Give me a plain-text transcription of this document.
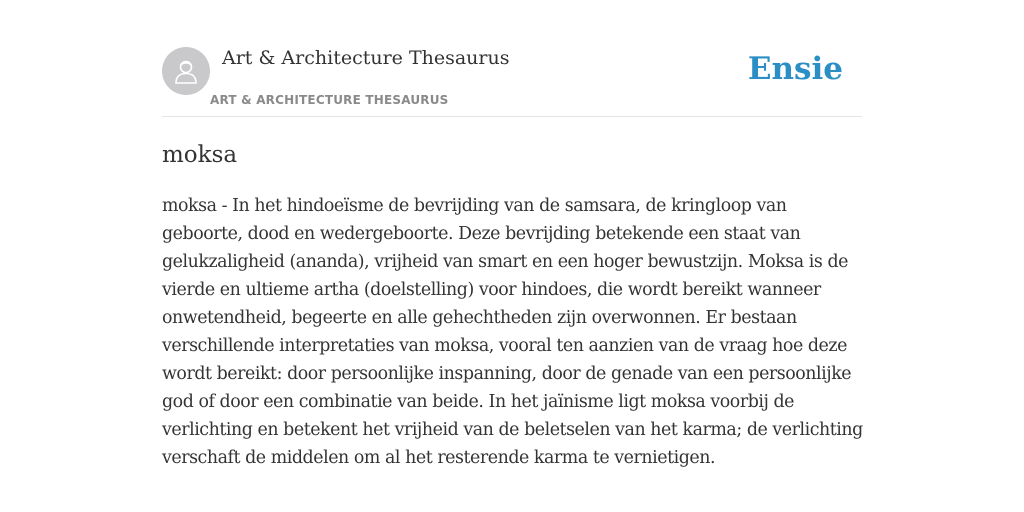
Art & Architecture Thesaurus
ART & ARCHITECTURE THESAURUS
Ensie
moksa

moksa - In het hindoeïsme de bevrijding van de samsara, de kringloop van geboorte, dood en wedergeboorte. Deze bevrijding betekende een staat van gelukzaligheid (ananda), vrijheid van smart en een hoger bewustzijn. Moksa is de vierde en ultieme artha (doelstelling) voor hindoes, die wordt bereikt wanneer onwetendheid, begeerte en alle gehechtheden zijn overwonnen. Er bestaan verschillende interpretaties van moksa, vooral ten aanzien van de vraag hoe deze wordt bereikt: door persoonlijke inspanning, door de genade van een persoonlijke god of door een combinatie van beide. In het jaïnisme ligt moksa voorbij de verlichting en betekent het vrijheid van de beletselen van het karma; de verlichting verschaft de middelen om al het resterende karma te vernietigen.
